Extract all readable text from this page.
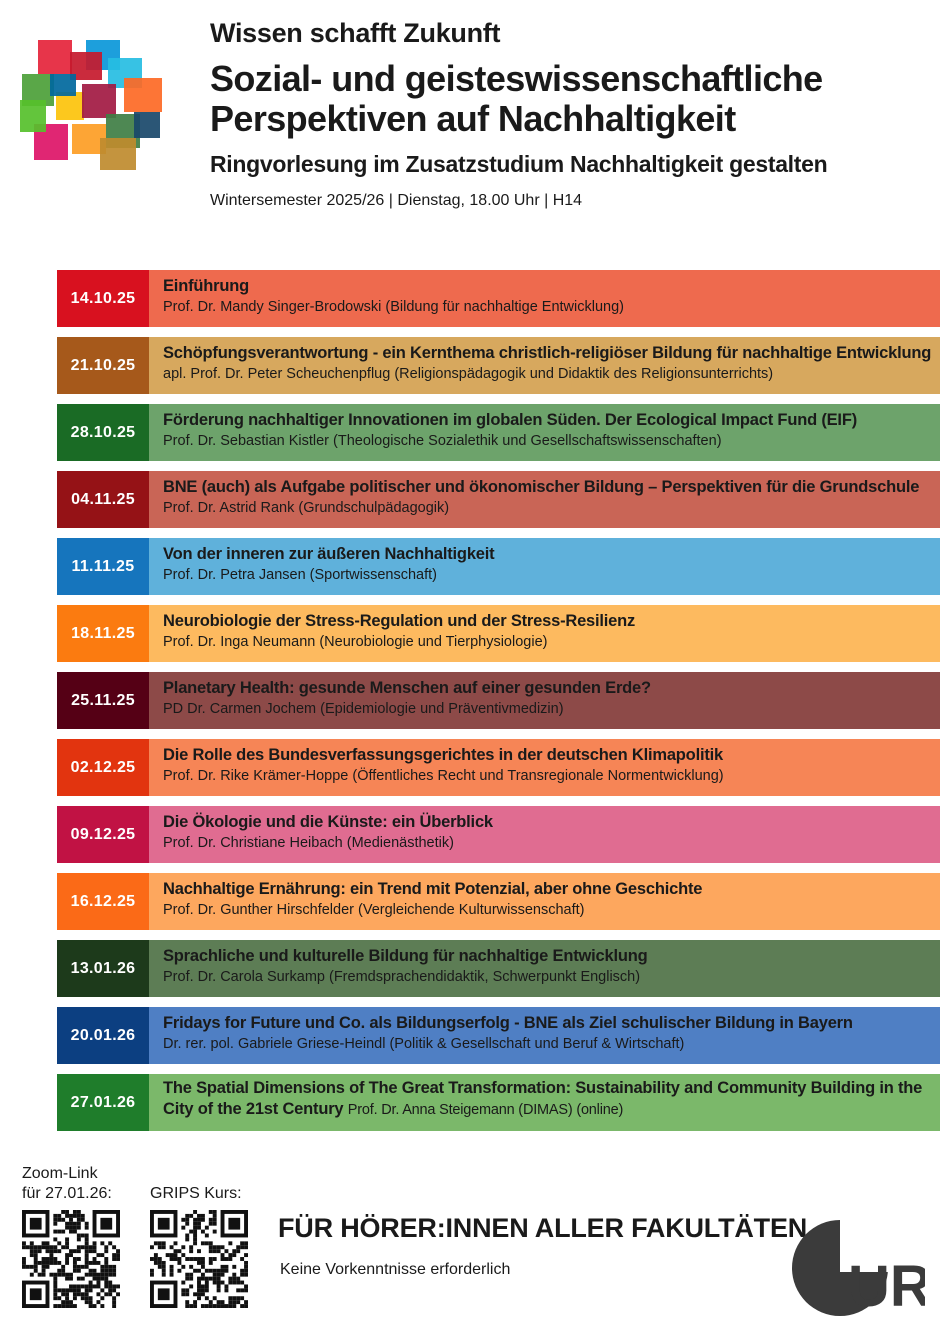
Wissen schafft Zukunft
Sozial- und geisteswissenschaftliche
Perspektiven auf Nachhaltigkeit
Ringvorlesung im Zusatzstudium Nachhaltigkeit gestalten
Wintersemester 2025/26 | Dienstag, 18.00 Uhr | H14
14.10.25
Einführung
Prof. Dr. Mandy Singer-Brodowski (Bildung für nachhaltige Entwicklung)
21.10.25
Schöpfungsverantwortung - ein Kernthema christlich-religiöser Bildung für nachhaltige Entwicklung
apl. Prof. Dr. Peter Scheuchenpflug (Religionspädagogik und Didaktik des Religionsunterrichts)
28.10.25
Förderung nachhaltiger Innovationen im globalen Süden. Der Ecological Impact Fund (EIF)
Prof. Dr. Sebastian Kistler (Theologische Sozialethik und Gesellschaftswissenschaften)
04.11.25
BNE (auch) als Aufgabe politischer und ökonomischer Bildung – Perspektiven für die Grundschule
Prof. Dr. Astrid Rank (Grundschulpädagogik)
11.11.25
Von der inneren zur äußeren Nachhaltigkeit
Prof. Dr. Petra Jansen (Sportwissenschaft)
18.11.25
Neurobiologie der Stress-Regulation und der Stress-Resilienz
Prof. Dr. Inga Neumann (Neurobiologie und Tierphysiologie)
25.11.25
Planetary Health: gesunde Menschen auf einer gesunden Erde?
PD Dr. Carmen Jochem (Epidemiologie und Präventivmedizin)
02.12.25
Die Rolle des Bundesverfassungsgerichtes in der deutschen Klimapolitik
Prof. Dr. Rike Krämer-Hoppe (Öffentliches Recht und Transregionale Normentwicklung)
09.12.25
Die Ökologie und die Künste: ein Überblick
Prof. Dr. Christiane Heibach (Medienästhetik)
16.12.25
Nachhaltige Ernährung: ein Trend mit Potenzial, aber ohne Geschichte
Prof. Dr. Gunther Hirschfelder (Vergleichende Kulturwissenschaft)
13.01.26
Sprachliche und kulturelle Bildung für nachhaltige Entwicklung
Prof. Dr. Carola Surkamp (Fremdsprachendidaktik, Schwerpunkt Englisch)
20.01.26
Fridays for Future und Co. als Bildungserfolg - BNE als Ziel schulischer Bildung in Bayern
Dr. rer. pol. Gabriele Griese-Heindl (Politik & Gesellschaft und Beruf & Wirtschaft)
27.01.26
The Spatial Dimensions of The Great Transformation: Sustainability and Community Building in the City of the 21st Century Prof. Dr. Anna Steigemann (DIMAS) (online)
Zoom-Link
für 27.01.26: GRIPS Kurs:
FÜR HÖRER:INNEN ALLER FAKULTÄTEN
Keine Vorkenntnisse erforderlich	UR
